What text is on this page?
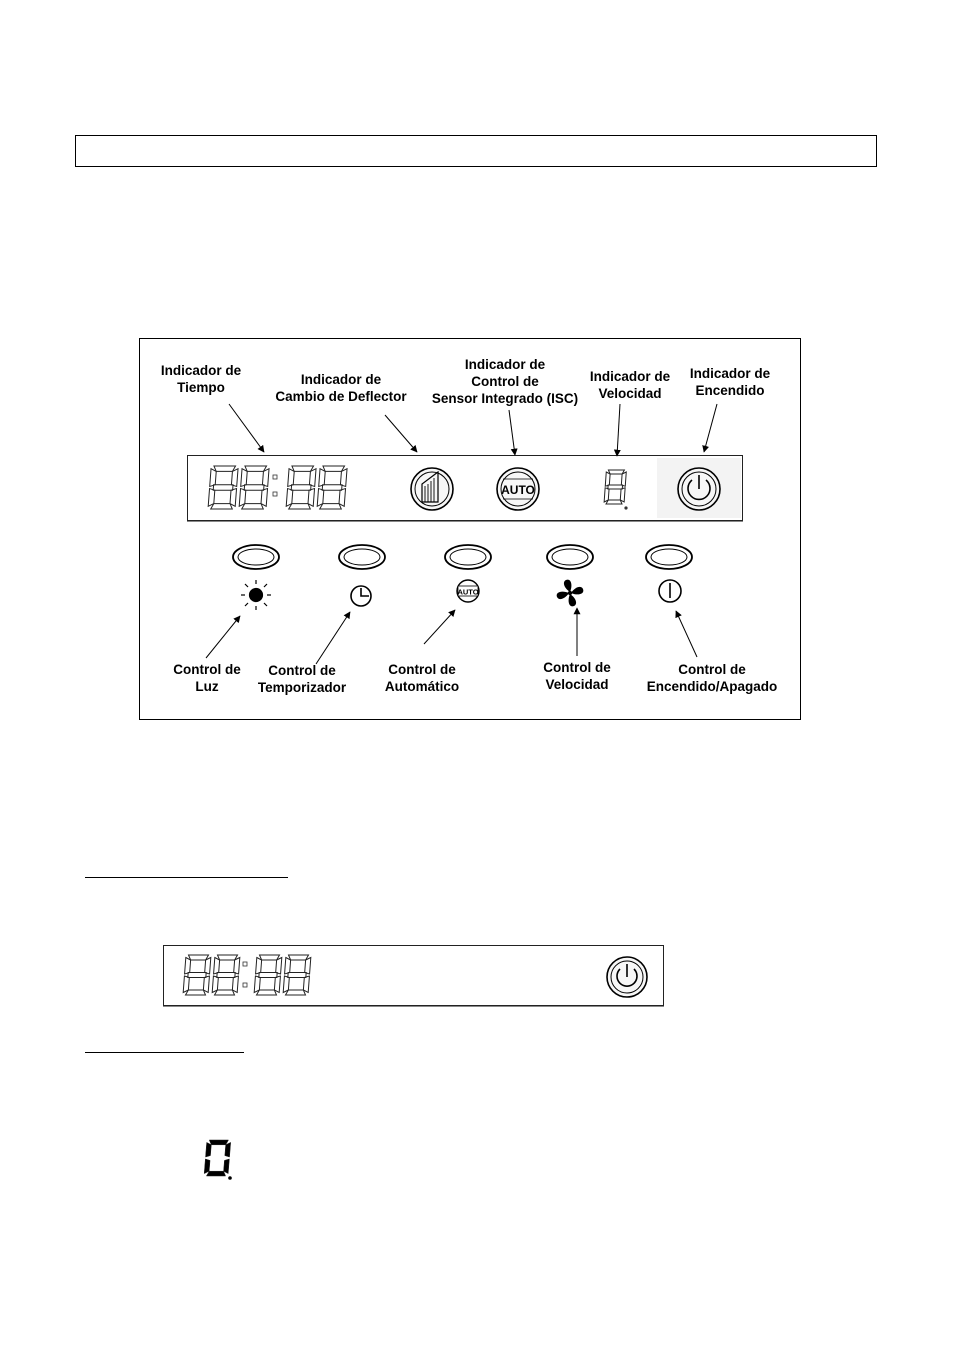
Indicador de
Tiempo
Indicador de
Cambio de Deflector
Indicador de
Control de
Sensor Integrado (ISC)
Indicador de
Velocidad
Indicador de
Encendido
Control de
Luz
Control de
Temporizador
Control de
Automático
Control de
Velocidad
Control de
Encendido/Apagado
AUTO
AUTO
